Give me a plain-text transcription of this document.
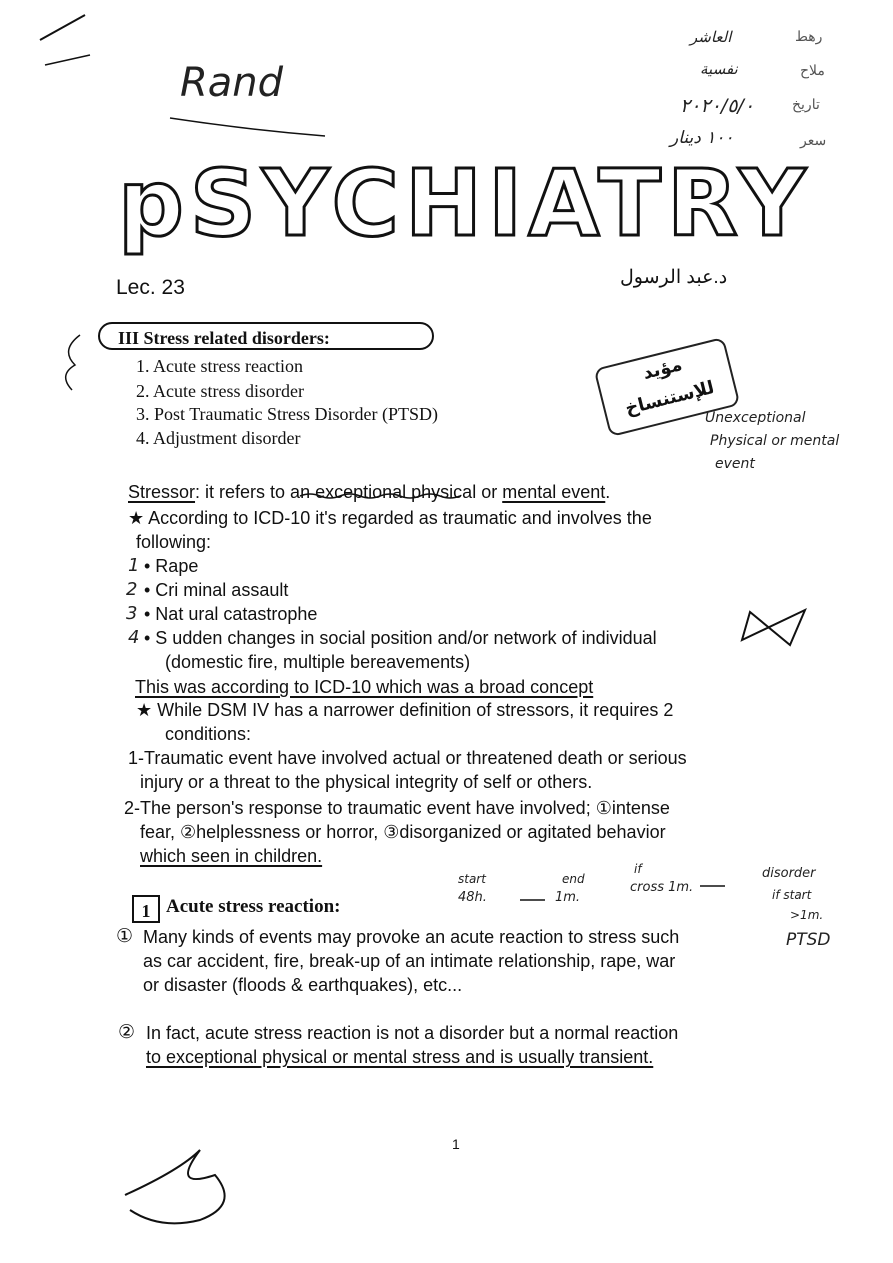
Rand
العاشر
نفسية
٢٠٢٠/٥/٠
١٠٠ دينار
رهط
ملاح
تاريخ
سعر
pSYCHIATRY
Lec. 23	د.عبد الرسول
III Stress related disorders:
1. Acute stress reaction
2. Acute stress disorder
3. Post Traumatic Stress Disorder (PTSD)
4. Adjustment disorder
مؤيد
للإستنساخ
Unexceptional
Physical or mental
event
Stressor: it refers to an exceptional physical or mental event.
★ According to ICD-10 it's regarded as traumatic and involves the
following:
1 • Rape
2 • Cri minal assault
3 • Nat ural catastrophe
4 • S udden changes in social position and/or network of individual
(domestic fire, multiple bereavements)
This was according to ICD-10 which was a broad concept
★ While DSM IV has a narrower definition of stressors, it requires 2
conditions:
1-Traumatic event have involved actual or threatened death or serious
injury or a threat to the physical integrity of self or others.
2-The person's response to traumatic event have involved; ①intense
fear, ②helplessness or horror, ③disorganized or agitated behavior
which seen in children.
start
48h.
end
1m.
if
cross 1m.
disorder
if start
>1m.
PTSD
1 Acute stress reaction:
① Many kinds of events may provoke an acute reaction to stress such
as car accident, fire, break-up of an intimate relationship, rape, war
or disaster (floods & earthquakes), etc...
② In fact, acute stress reaction is not a disorder but a normal reaction
to exceptional physical or mental stress and is usually transient.
1
